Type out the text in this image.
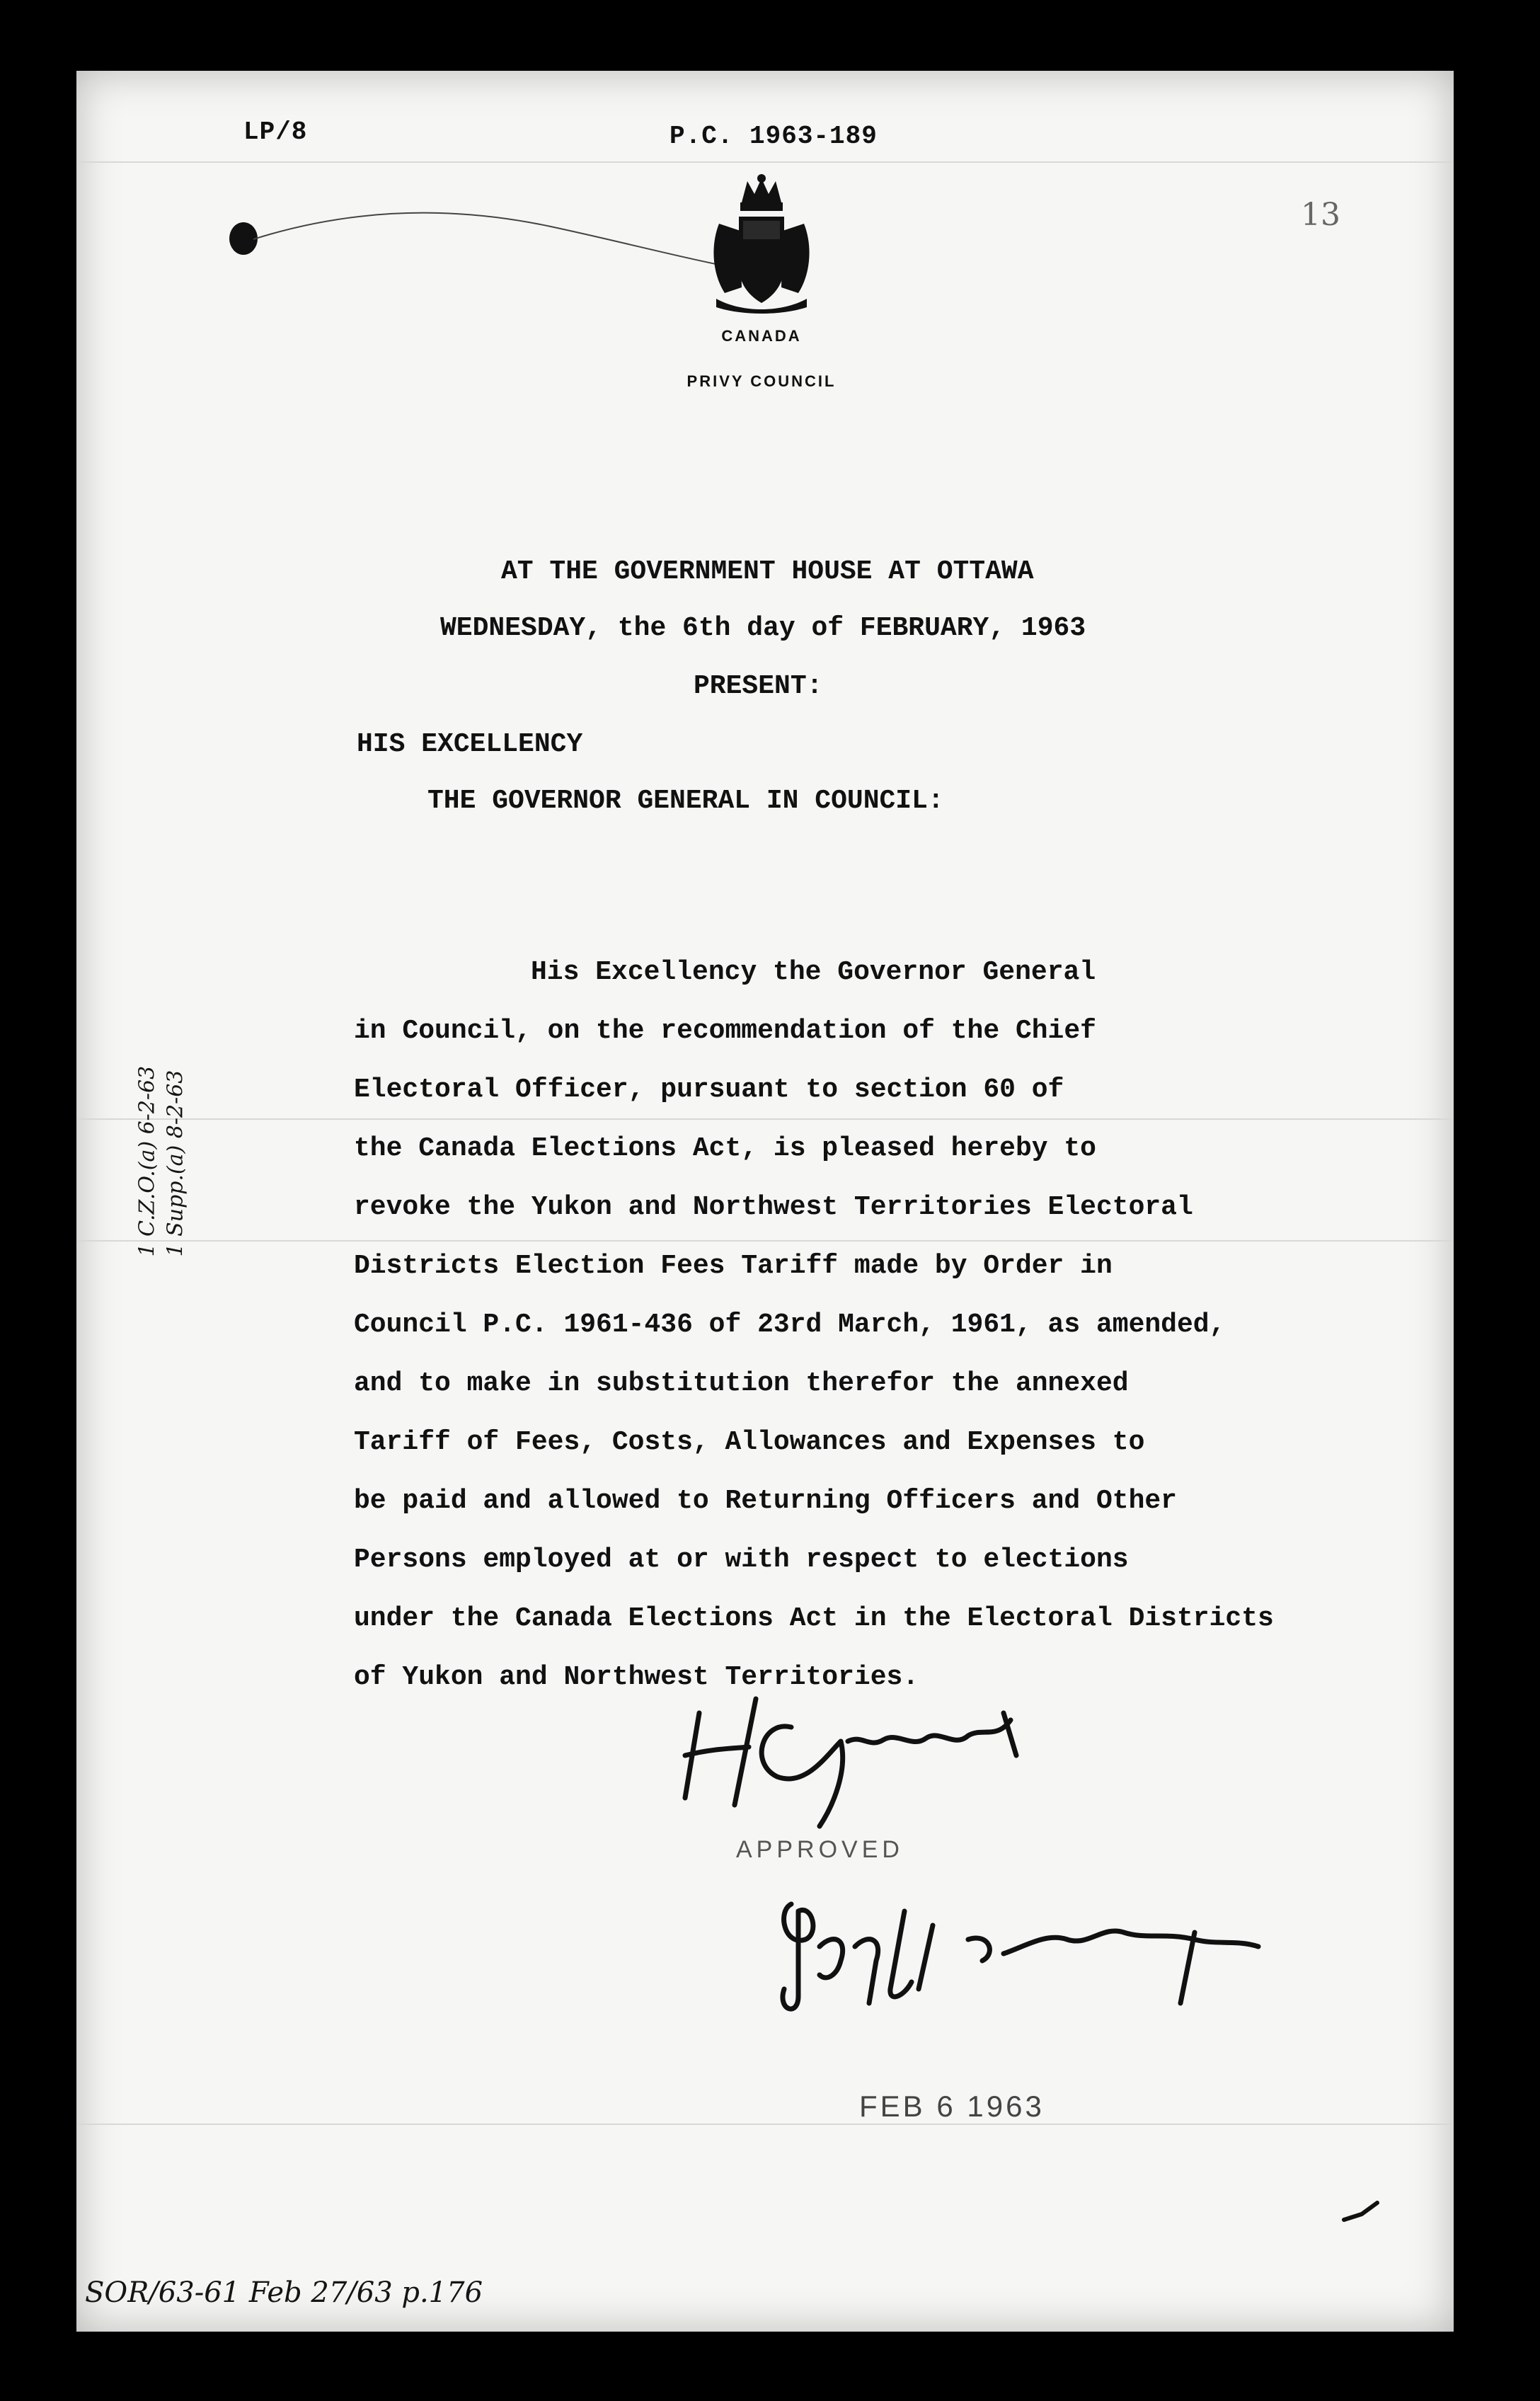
LP/8	P.C. 1963-189
13
CANADA
PRIVY COUNCIL
AT THE GOVERNMENT HOUSE AT OTTAWA
WEDNESDAY, the 6th day of FEBRUARY, 1963
PRESENT:
HIS EXCELLENCY
THE GOVERNOR GENERAL IN COUNCIL:
His Excellency the Governor General
in Council, on the recommendation of the Chief
Electoral Officer, pursuant to section 60 of
the Canada Elections Act, is pleased hereby to
revoke the Yukon and Northwest Territories Electoral
Districts Election Fees Tariff made by Order in
Council P.C. 1961-436 of 23rd March, 1961, as amended,
and to make in substitution therefor the annexed
Tariff of Fees, Costs, Allowances and Expenses to
be paid and allowed to Returning Officers and Other
Persons employed at or with respect to elections
under the Canada Elections Act in the Electoral Districts
of Yukon and Northwest Territories.
1 C.Z.O.(a) 6-2-63 1 Supp.(a) 8-2-63
APPROVED
FEB 6 1963
SOR/63-61 Feb 27/63 p.176
